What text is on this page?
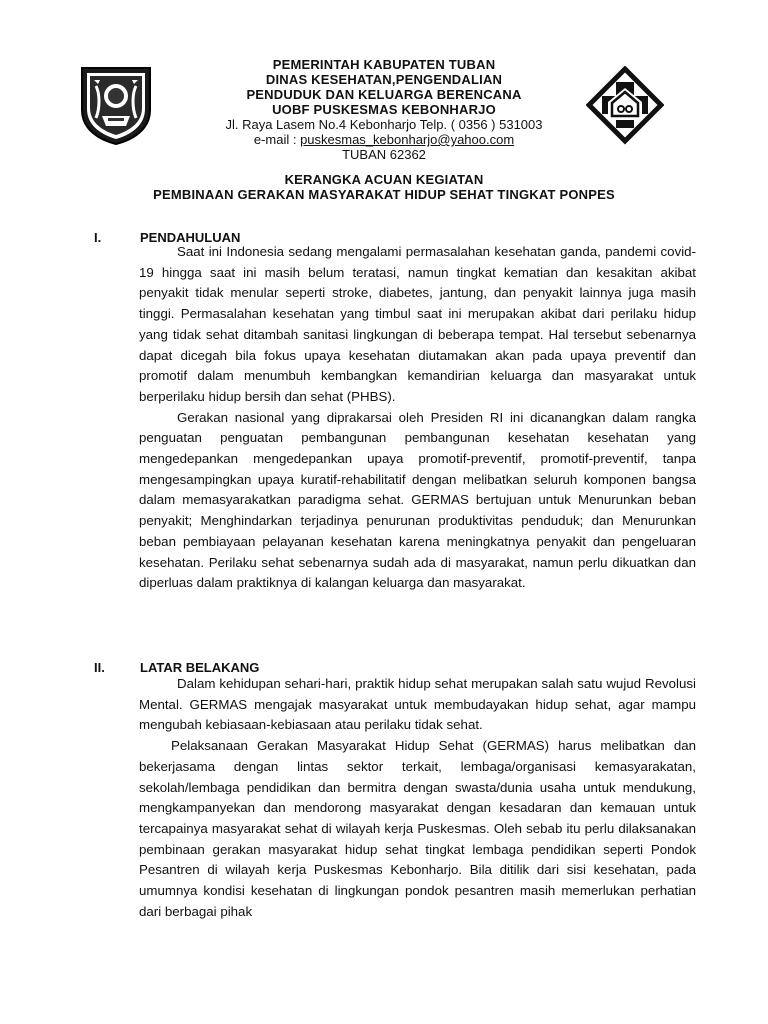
PEMERINTAH KABUPATEN TUBAN
DINAS KESEHATAN,PENGENDALIAN
PENDUDUK DAN KELUARGA BERENCANA
UOBF PUSKESMAS KEBONHARJO
Jl. Raya Lasem No.4 Kebonharjo Telp. ( 0356 ) 531003
e-mail : puskesmas_kebonharjo@yahoo.com
TUBAN 62362
KERANGKA ACUAN KEGIATAN
PEMBINAAN GERAKAN MASYARAKAT HIDUP SEHAT TINGKAT PONPES
I.	PENDAHULUAN

Saat ini Indonesia sedang mengalami permasalahan kesehatan ganda, pandemi covid-19 hingga saat ini masih belum teratasi, namun tingkat kematian dan kesakitan akibat penyakit tidak menular seperti stroke, diabetes, jantung, dan penyakit lainnya juga masih tinggi. Permasalahan kesehatan yang timbul saat ini merupakan akibat dari perilaku hidup yang tidak sehat ditambah sanitasi lingkungan di beberapa tempat. Hal tersebut sebenarnya dapat dicegah bila fokus upaya kesehatan diutamakan akan pada upaya preventif dan promotif dalam menumbuh kembangkan kemandirian keluarga dan masyarakat untuk berperilaku hidup bersih dan sehat (PHBS).

Gerakan nasional yang diprakarsai oleh Presiden RI ini dicanangkan dalam rangka penguatan penguatan pembangunan pembangunan kesehatan kesehatan yang mengedepankan mengedepankan upaya promotif-preventif, promotif-preventif, tanpa mengesampingkan upaya kuratif-rehabilitatif dengan melibatkan seluruh komponen bangsa dalam memasyarakatkan paradigma sehat. GERMAS bertujuan untuk Menurunkan beban penyakit; Menghindarkan terjadinya penurunan produktivitas penduduk; dan Menurunkan beban pembiayaan pelayanan kesehatan karena meningkatnya penyakit dan pengeluaran kesehatan. Perilaku sehat sebenarnya sudah ada di masyarakat, namun perlu dikuatkan dan diperluas dalam praktiknya di kalangan keluarga dan masyarakat.

II.	LATAR BELAKANG

Dalam kehidupan sehari-hari, praktik hidup sehat merupakan salah satu wujud Revolusi Mental. GERMAS mengajak masyarakat untuk membudayakan hidup sehat, agar mampu mengubah kebiasaan-kebiasaan atau perilaku tidak sehat.

Pelaksanaan Gerakan Masyarakat Hidup Sehat (GERMAS) harus melibatkan dan bekerjasama dengan lintas sektor terkait, lembaga/organisasi kemasyarakatan, sekolah/lembaga pendidikan dan bermitra dengan swasta/dunia usaha untuk mendukung, mengkampanyekan dan mendorong masyarakat dengan kesadaran dan kemauan untuk tercapainya masyarakat sehat di wilayah kerja Puskesmas. Oleh sebab itu perlu dilaksanakan pembinaan gerakan masyarakat hidup sehat tingkat lembaga pendidikan seperti Pondok Pesantren di wilayah kerja Puskesmas Kebonharjo. Bila ditilik dari sisi kesehatan, pada umumnya kondisi kesehatan di lingkungan pondok pesantren masih memerlukan perhatian dari berbagai pihak
